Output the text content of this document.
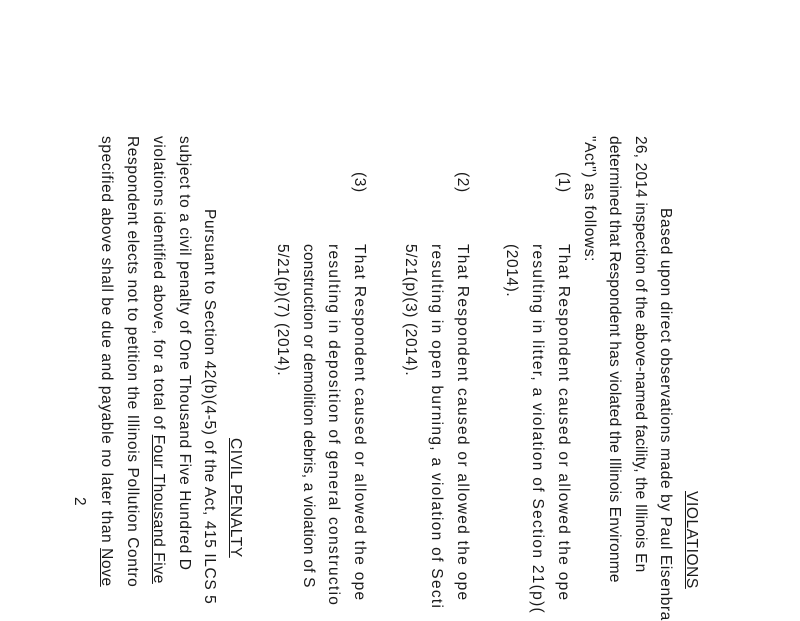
VIOLATIONS
Based upon direct observations made by Paul Eisenbra
26, 2014 inspection of the above-named facility, the Illinois En
determined that Respondent has violated the Illinois Environme
"Act") as follows:
(1)
That Respondent caused or allowed the ope
resulting in litter, a violation of Section 21(p)(
(2014).
(2)
That Respondent caused or allowed the ope
resulting in open burning, a violation of Secti
5/21(p)(3) (2014).
(3)
That Respondent caused or allowed the ope
resulting in deposition of general constructio
construction or demolition debris, a violation of S
5/21(p)(7) (2014).
CIVIL PENALTY
Pursuant to Section 42(b)(4-5) of the Act, 415 ILCS 5
subject to a civil penalty of One Thousand Five Hundred D
violations identified above, for a total of Four Thousand Five
Respondent elects not to petition the Illinois Pollution Contro
specified above shall be due and payable no later than Nove
2
